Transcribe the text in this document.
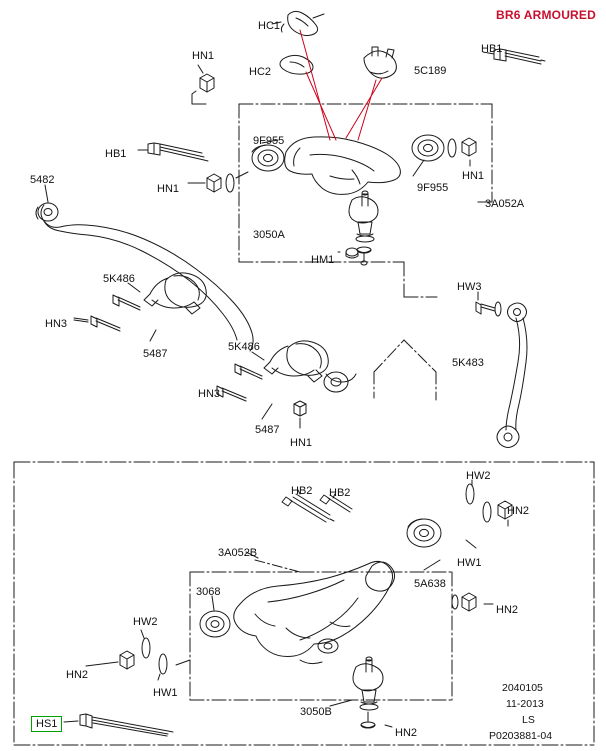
BR6 ARMOURED
2040105
11-2013
LS
P0203881-04
HS1
HC1
HN1
HC2	5C189
HB1
HB1
9F955
HN1
9F955
HN1
3A052A
5482
3050A
HM1
HW3
5K486
HN3
5487
5K486
5K483
HN3
5487
HN1
HW2
HB2 HB2
HN2
3A052B
HW1
5A638
3068
HN2
HW2
HN2
HW1
3050B
HN2
